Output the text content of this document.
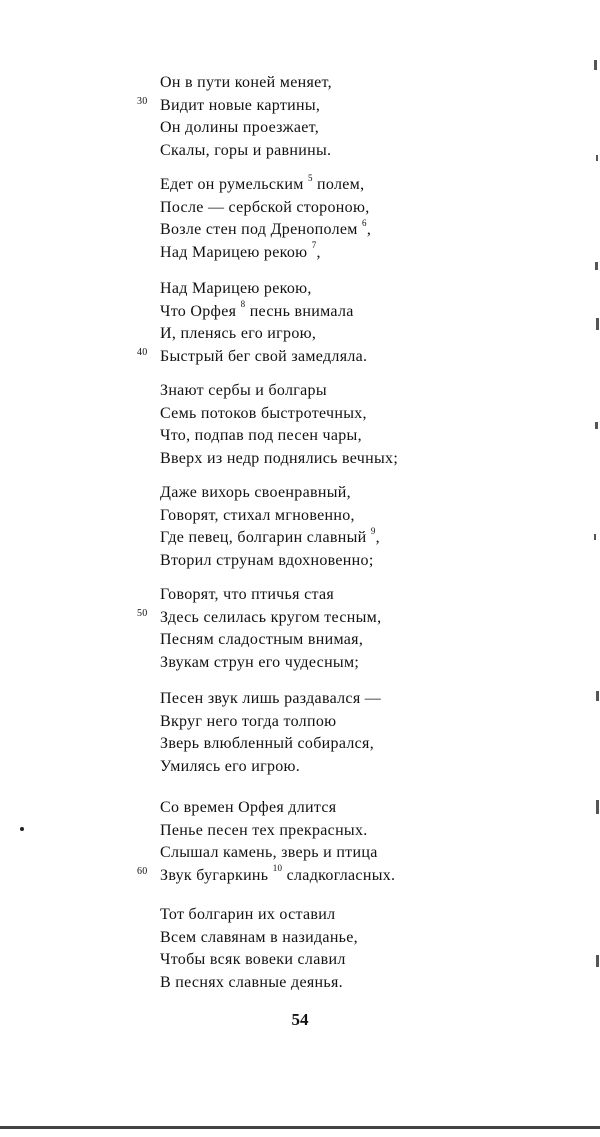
Он в пути коней меняет,
30 Видит новые картины,
Он долины проезжает,
Скалы, горы и равнины.
Едет он румельским $^5$ полем,
После — сербской стороною,
Возле стен под Дренополем $^6$,
Над Марицею рекою $^7$,
Над Марицею рекою,
Что Орфея $^8$ песнь внимала
И, пленясь его игрою,
40 Быстрый бег свой замедляла.
Знают сербы и болгары
Семь потоков быстротечных,
Что, подпав под песен чары,
Вверх из недр поднялись вечных;
Даже вихорь своенравный,
Говорят, стихал мгновенно,
Где певец, болгарин славный $^9$,
Вторил струнам вдохновенно;
Говорят, что птичья стая
50 Здесь селилась кругом тесным,
Песням сладостным внимая,
Звукам струн его чудесным;
Песен звук лишь раздавался —
Вкруг него тогда толпою
Зверь влюбленный собирался,
Умилясь его игрою.
Со времен Орфея длится
Пенье песен тех прекрасных.
Слышал камень, зверь и птица
60 Звук бугаркинь $^{10}$ сладкогласных.
Тот болгарин их оставил
Всем славянам в назиданье,
Чтобы всяк вовеки славил
В песнях славные деянья.
54
